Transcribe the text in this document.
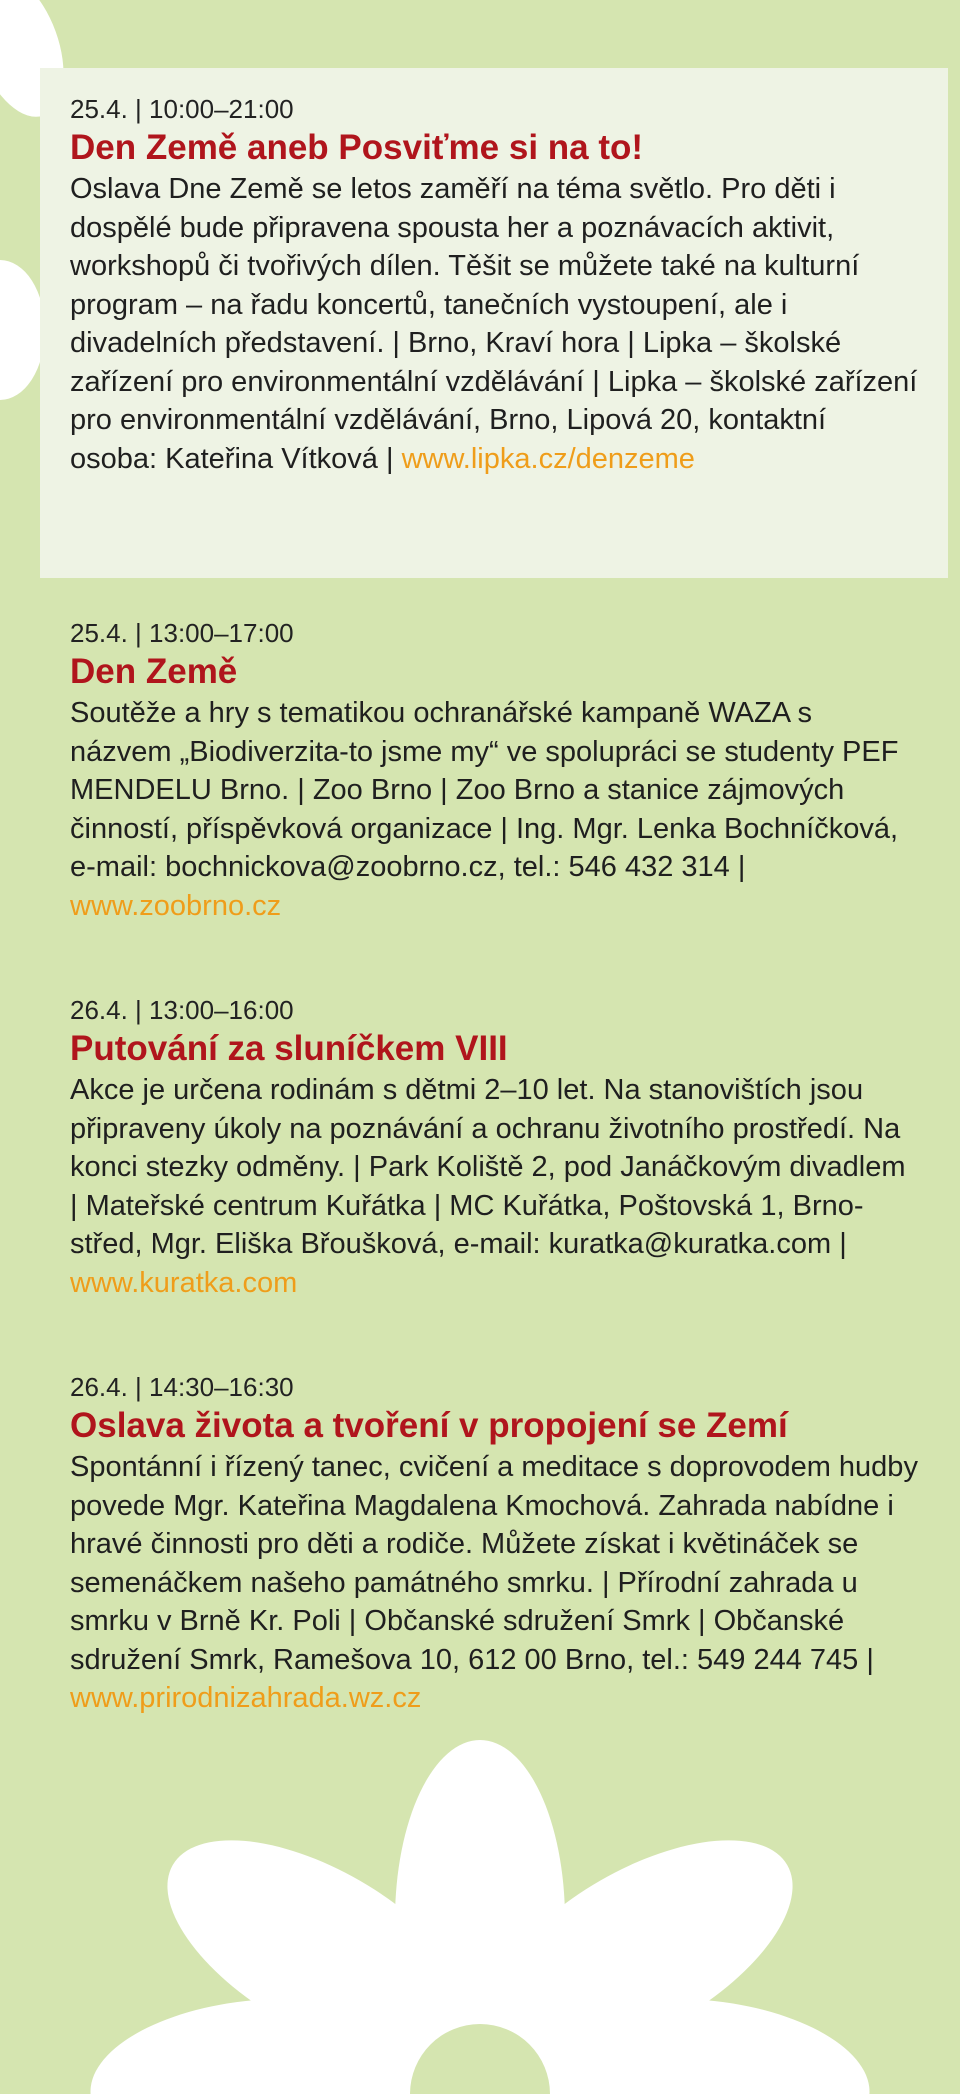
25.4. | 10:00–21:00

Den Země aneb Posviťme si na to!

Oslava Dne Země se letos zaměří na téma světlo. Pro děti i dospělé bude připravena spousta her a poznávacích aktivit, workshopů či tvořivých dílen. Těšit se můžete také na kulturní program – na řadu koncertů, tanečních vystoupení, ale i divadelních představení. | Brno, Kraví hora | Lipka – školské zařízení pro environmentální vzdělávání | Lipka – školské zařízení pro environmentální vzdělávání, Brno, Lipová 20, kontaktní osoba: Kateřina Vítková | www.lipka.cz/denzeme

25.4. | 13:00–17:00

Den Země

Soutěže a hry s tematikou ochranářské kampaně WAZA s názvem „Biodiverzita-to jsme my“ ve spolupráci se studenty PEF MENDELU Brno. | Zoo Brno | Zoo Brno a stanice zájmových činností, příspěvková organizace | Ing. Mgr. Lenka Bochníčková, e-mail: bochnickova@zoobrno.cz, tel.: 546 432 314 | www.zoobrno.cz

26.4. | 13:00–16:00

Putování za sluníčkem VIII

Akce je určena rodinám s dětmi 2–10 let. Na stanovištích jsou připraveny úkoly na poznávání a ochranu životního prostředí. Na konci stezky odměny. | Park Koliště 2, pod Janáčkovým divadlem | Mateřské centrum Kuřátka | MC Kuřátka, Poštovská 1, Brno-střed, Mgr. Eliška Břoušková, e-mail: kuratka@kuratka.com | www.kuratka.com

26.4. | 14:30–16:30

Oslava života a tvoření v propojení se Zemí

Spontánní i řízený tanec, cvičení a meditace s doprovodem hudby povede Mgr. Kateřina Magdalena Kmochová. Zahrada nabídne i hravé činnosti pro děti a rodiče. Můžete získat i květináček se semenáčkem našeho památného smrku. | Přírodní zahrada u smrku v Brně Kr. Poli | Občanské sdružení Smrk | Občanské sdružení Smrk, Ramešova 10, 612 00 Brno, tel.: 549 244 745 | www.prirodnizahrada.wz.cz
